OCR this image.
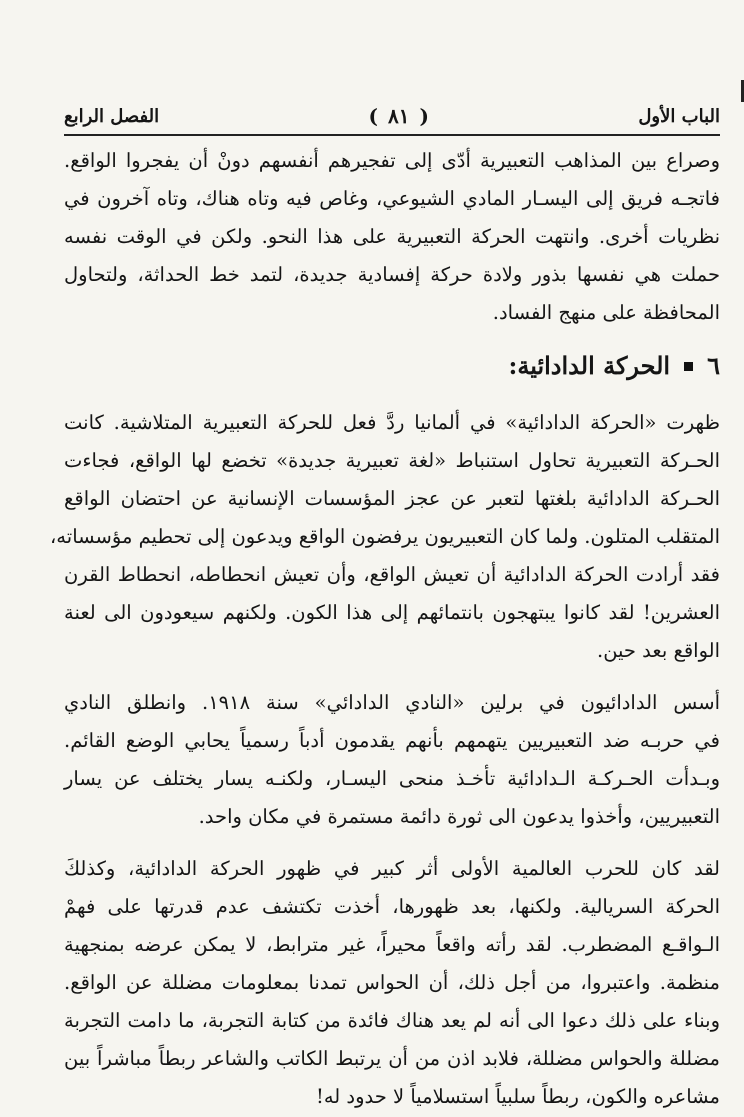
الباب الأول
(٨١)
الفصل الرابع
وصراع بين المذاهب التعبيرية أدّى إلى تفجيرهم أنفسهم دونْ أن يفجروا الواقع.
فاتجـه فريق إلى اليسـار المادي الشيوعي، وغاص فيه وتاه هناك، وتاه آخرون في
نظريات أخرى. وانتهت الحركة التعبيرية على هذا النحو. ولكن في الوقت نفسه
حملت هي نفسها بذور ولادة حركة إفسادية جديدة، لتمد خط الحداثة، ولتحاول
المحافظة على منهج الفساد.
٦
الحركة الدادائية:
ظهرت «الحركة الدادائية» في ألمانيا ردَّ فعل للحركة التعبيرية المتلاشية. كانت
الحـركة التعبيرية تحاول استنباط «لغة تعبيرية جديدة» تخضع لها الواقع، فجاءت
الحـركة الدادائية بلغتها لتعبر عن عجز المؤسسات الإنسانية عن احتضان الواقع
المتقلب المتلون. ولما كان التعبيريون يرفضون الواقع ويدعون إلى تحطيم مؤسساته،
فقد أرادت الحركة الدادائية أن تعيش الواقع، وأن تعيش انحطاطه، انحطاط القرن
العشرين! لقد كانوا يبتهجون بانتمائهم إلى هذا الكون. ولكنهم سيعودون الى لعنة
الواقع بعد حين.
أسس الدادائيون في برلين «النادي الدادائي» سنة ١٩١٨. وانطلق النادي
في حربـه ضد التعبيريين يتهمهم بأنهم يقدمون أدباً رسمياً يحابي الوضع القائم.
وبـدأت الحـركـة الـدادائية تأخـذ منحى اليسـار، ولكنـه يسار يختلف عن يسار
التعبيريين، وأخذوا يدعون الى ثورة دائمة مستمرة في مكان واحد.
لقد كان للحرب العالمية الأولى أثر كبير في ظهور الحركة الدادائية، وكذلكَ
الحركة السريالية. ولكنها، بعد ظهورها، أخذت تكتشف عدم قدرتها على فهمْ
الـواقـع المضطرب. لقد رأته واقعاً محيراً، غير مترابط، لا يمكن عرضه بمنجهية
منظمة. واعتبروا، من أجل ذلك، أن الحواس تمدنا بمعلومات مضللة عن الواقع.
وبناء على ذلك دعوا الى أنه لم يعد هناك فائدة من كتابة التجربة، ما دامت التجربة
مضللة والحواس مضللة، فلابد اذن من أن يرتبط الكاتب والشاعر ربطاً مباشراً بين
مشاعره والكون، ربطاً سلبياً استسلامياً لا حدود له!
